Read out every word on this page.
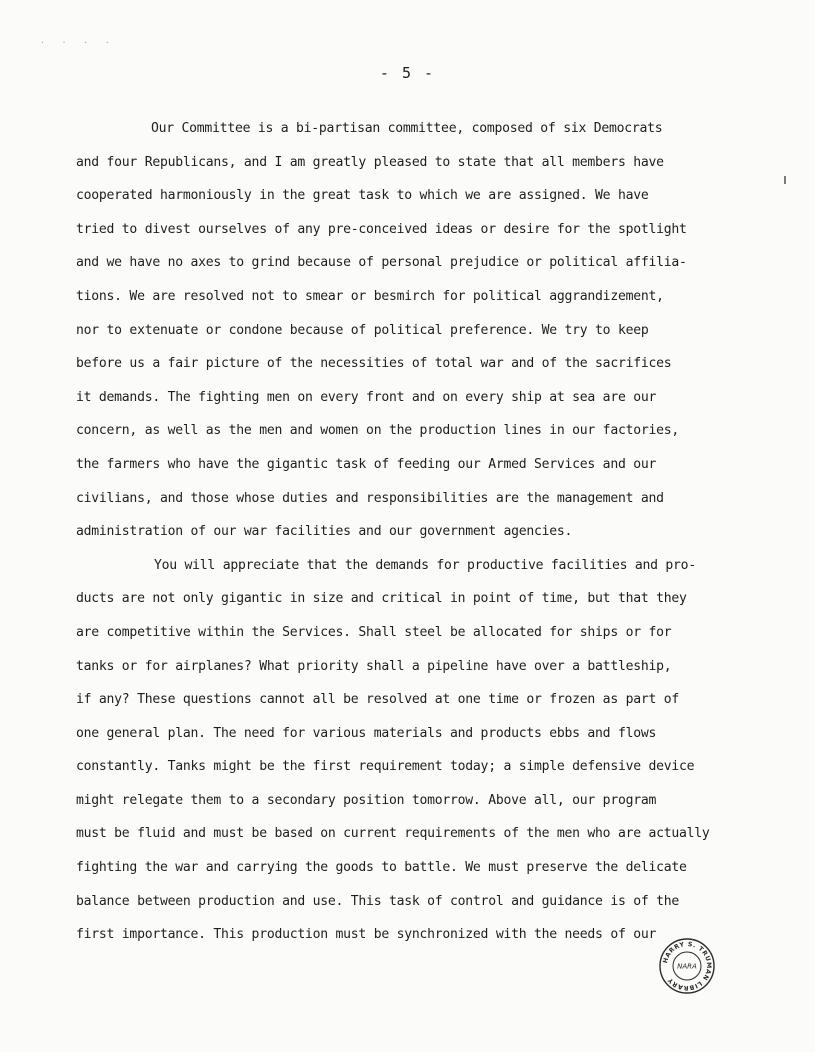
· · · ·
- 5 -
Our Committee is a bi-partisan committee, composed of six Democrats
and four Republicans, and I am greatly pleased to state that all members have
cooperated harmoniously in the great task to which we are assigned. We have
tried to divest ourselves of any pre-conceived ideas or desire for the spotlight
and we have no axes to grind because of personal prejudice or political affilia-
tions. We are resolved not to smear or besmirch for political aggrandizement,
nor to extenuate or condone because of political preference. We try to keep
before us a fair picture of the necessities of total war and of the sacrifices
it demands. The fighting men on every front and on every ship at sea are our
concern, as well as the men and women on the production lines in our factories,
the farmers who have the gigantic task of feeding our Armed Services and our
civilians, and those whose duties and responsibilities are the management and
administration of our war facilities and our government agencies.
You will appreciate that the demands for productive facilities and pro-
ducts are not only gigantic in size and critical in point of time, but that they
are competitive within the Services. Shall steel be allocated for ships or for
tanks or for airplanes? What priority shall a pipeline have over a battleship,
if any? These questions cannot all be resolved at one time or frozen as part of
one general plan. The need for various materials and products ebbs and flows
constantly. Tanks might be the first requirement today; a simple defensive device
might relegate them to a secondary position tomorrow. Above all, our program
must be fluid and must be based on current requirements of the men who are actually
fighting the war and carrying the goods to battle. We must preserve the delicate
balance between production and use. This task of control and guidance is of the
first importance. This production must be synchronized with the needs of our
HARRY S. TRUMAN LIBRARY
NARA
